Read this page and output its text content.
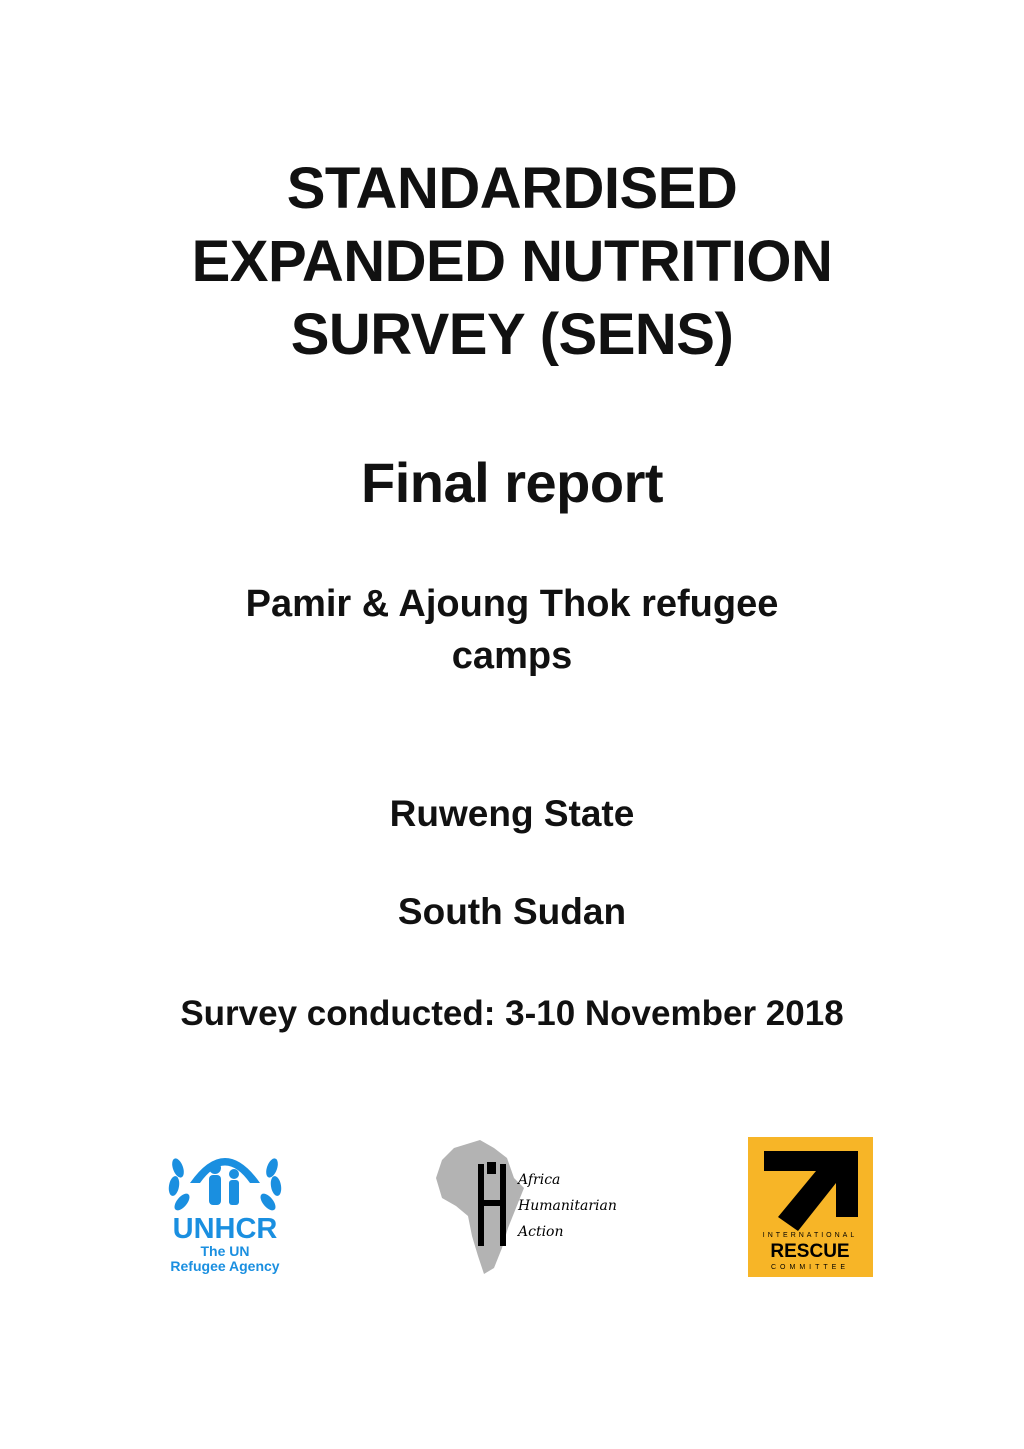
STANDARDISED
EXPANDED NUTRITION
SURVEY (SENS)
Final report
Pamir & Ajoung Thok refugee
camps
Ruweng State
South Sudan
Survey conducted: 3-10 November 2018
UNHCR
The UN
Refugee Agency
Africa
Humanitarian
Action	INTERNATIONAL
RESCUE
COMMITTEE
